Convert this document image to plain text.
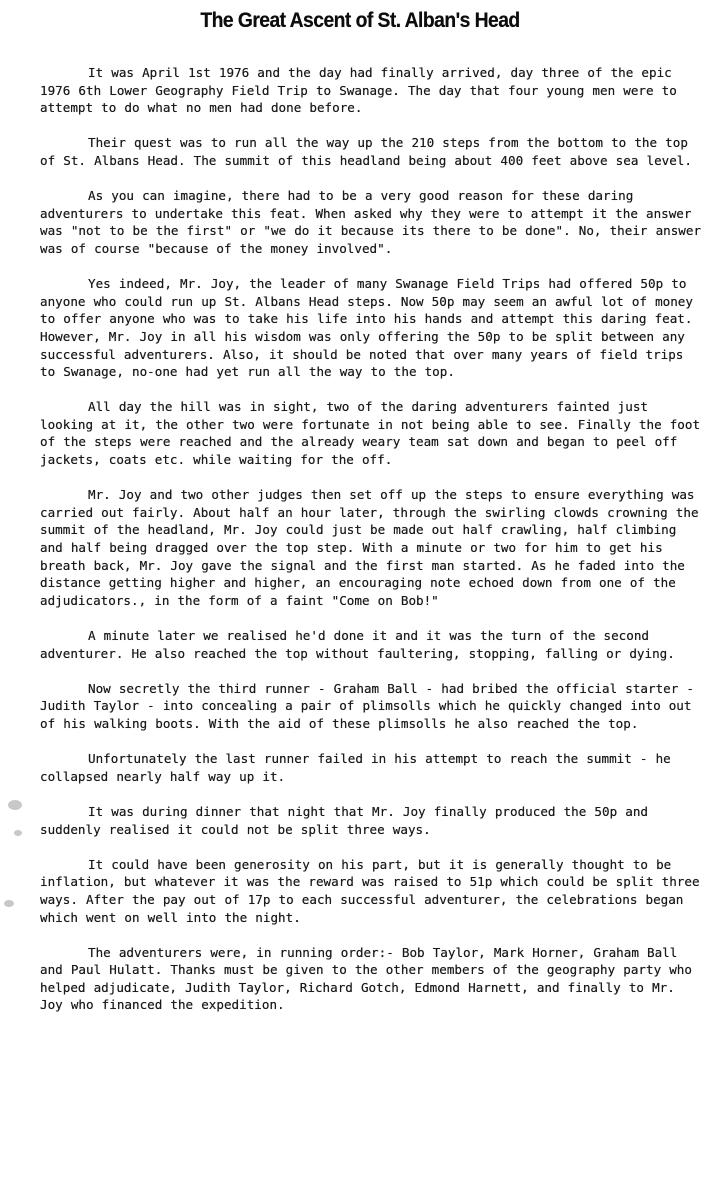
The Great Ascent of St. Alban's Head

It was April 1st 1976 and the day had finally arrived, day three of the epic 1976 6th Lower Geography Field Trip to Swanage. The day that four young men were to attempt to do what no men had done before.

Their quest was to run all the way up the 210 steps from the bottom to the top of St. Albans Head. The summit of this headland being about 400 feet above sea level.

As you can imagine, there had to be a very good reason for these daring adventurers to undertake this feat. When asked why they were to attempt it the answer was "not to be the first" or "we do it because its there to be done". No, their answer was of course "because of the money involved".

Yes indeed, Mr. Joy, the leader of many Swanage Field Trips had offered 50p to anyone who could run up St. Albans Head steps. Now 50p may seem an awful lot of money to offer anyone who was to take his life into his hands and attempt this daring feat. However, Mr. Joy in all his wisdom was only offering the 50p to be split between any successful adventurers. Also, it should be noted that over many years of field trips to Swanage, no-one had yet run all the way to the top.

All day the hill was in sight, two of the daring adventurers fainted just looking at it, the other two were fortunate in not being able to see. Finally the foot of the steps were reached and the already weary team sat down and began to peel off jackets, coats etc. while waiting for the off.

Mr. Joy and two other judges then set off up the steps to ensure everything was carried out fairly. About half an hour later, through the swirling clowds crowning the summit of the headland, Mr. Joy could just be made out half crawling, half climbing and half being dragged over the top step. With a minute or two for him to get his breath back, Mr. Joy gave the signal and the first man started. As he faded into the distance getting higher and higher, an encouraging note echoed down from one of the adjudicators., in the form of a faint "Come on Bob!"

A minute later we realised he'd done it and it was the turn of the second adventurer. He also reached the top without faultering, stopping, falling or dying.

Now secretly the third runner - Graham Ball - had bribed the official starter - Judith Taylor - into concealing a pair of plimsolls which he quickly changed into out of his walking boots. With the aid of these plimsolls he also reached the top.

Unfortunately the last runner failed in his attempt to reach the summit - he collapsed nearly half way up it.

It was during dinner that night that Mr. Joy finally produced the 50p and suddenly realised it could not be split three ways.

It could have been generosity on his part, but it is generally thought to be inflation, but whatever it was the reward was raised to 51p which could be split three ways. After the pay out of 17p to each successful adventurer, the celebrations began which went on well into the night.

The adventurers were, in running order:- Bob Taylor, Mark Horner, Graham Ball and Paul Hulatt. Thanks must be given to the other members of the geography party who helped adjudicate, Judith Taylor, Richard Gotch, Edmond Harnett, and finally to Mr. Joy who financed the expedition.
